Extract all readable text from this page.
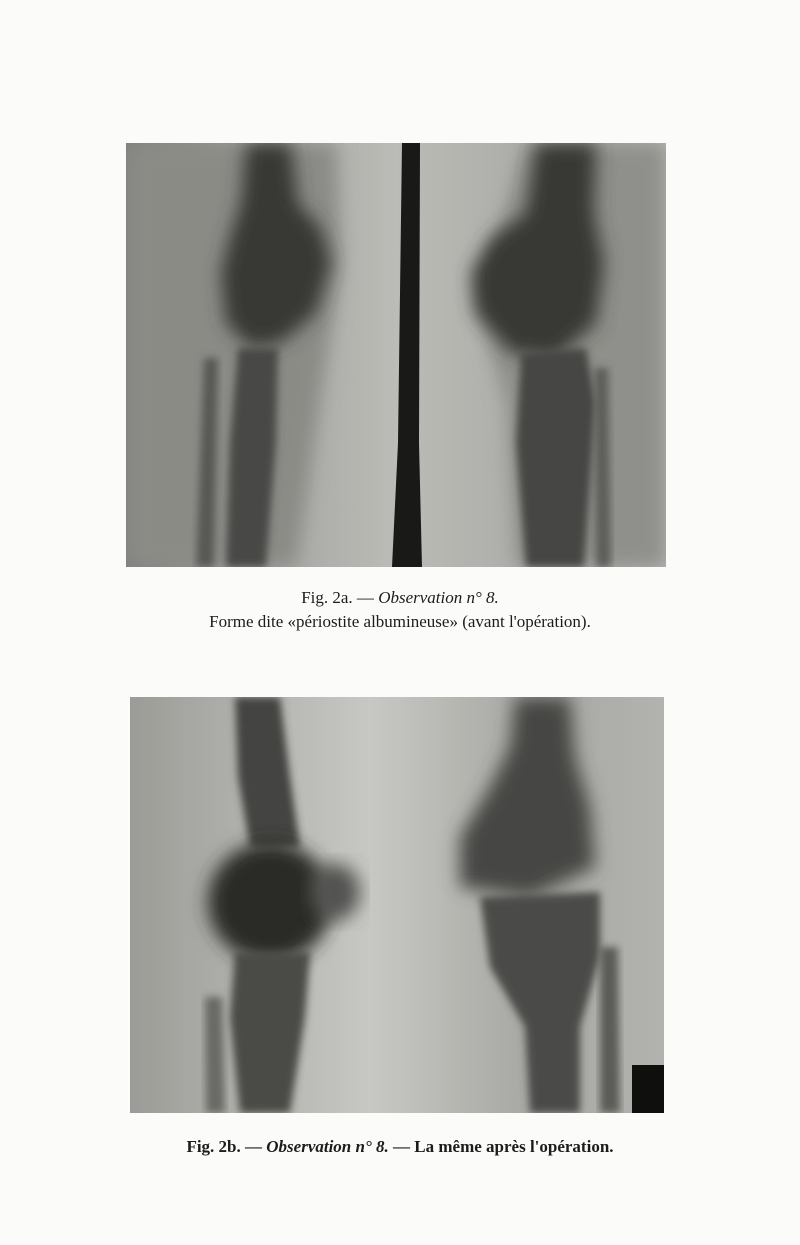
Fig. 2a. — Observation n° 8.
Forme dite «périostite albumineuse» (avant l'opération).
Fig. 2b. — Observation n° 8. — La même après l'opération.
